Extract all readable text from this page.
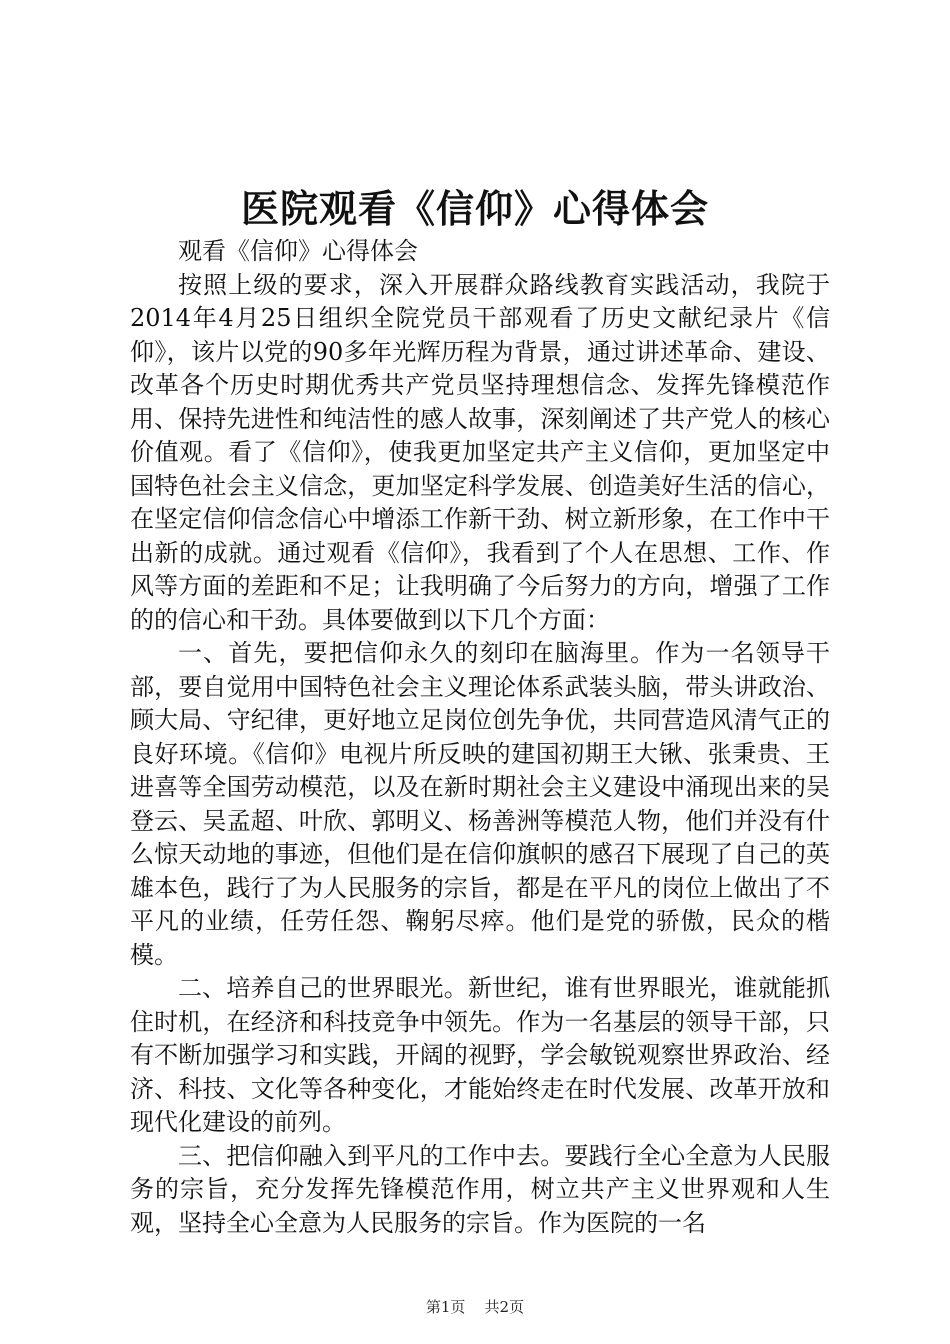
医院观看《信仰》心得体会

观看《信仰》心得体会

按照上级的要求，深入开展群众路线教育实践活动，我院于2014年4月25日组织全院党员干部观看了历史文献纪录片《信仰》，该片以党的90多年光辉历程为背景，通过讲述革命、建设、改革各个历史时期优秀共产党员坚持理想信念、发挥先锋模范作用、保持先进性和纯洁性的感人故事，深刻阐述了共产党人的核心价值观。看了《信仰》，使我更加坚定共产主义信仰，更加坚定中国特色社会主义信念，更加坚定科学发展、创造美好生活的信心，在坚定信仰信念信心中增添工作新干劲、树立新形象，在工作中干出新的成就。通过观看《信仰》，我看到了个人在思想、工作、作风等方面的差距和不足；让我明确了今后努力的方向，增强了工作的的信心和干劲。具体要做到以下几个方面：

一、首先，要把信仰永久的刻印在脑海里。作为一名领导干部，要自觉用中国特色社会主义理论体系武装头脑，带头讲政治、顾大局、守纪律，更好地立足岗位创先争优，共同营造风清气正的良好环境。《信仰》电视片所反映的建国初期王大锹、张秉贵、王进喜等全国劳动模范，以及在新时期社会主义建设中涌现出来的吴登云、吴孟超、叶欣、郭明义、杨善洲等模范人物，他们并没有什么惊天动地的事迹，但他们是在信仰旗帜的感召下展现了自己的英雄本色，践行了为人民服务的宗旨，都是在平凡的岗位上做出了不平凡的业绩，任劳任怨、鞠躬尽瘁。他们是党的骄傲，民众的楷模。

二、培养自己的世界眼光。新世纪，谁有世界眼光，谁就能抓住时机，在经济和科技竞争中领先。作为一名基层的领导干部，只有不断加强学习和实践，开阔的视野，学会敏锐观察世界政治、经济、科技、文化等各种变化，才能始终走在时代发展、改革开放和现代化建设的前列。

三、把信仰融入到平凡的工作中去。要践行全心全意为人民服务的宗旨，充分发挥先锋模范作用，树立共产主义世界观和人生观，坚持全心全意为人民服务的宗旨。作为医院的一名

第1页 共2页
